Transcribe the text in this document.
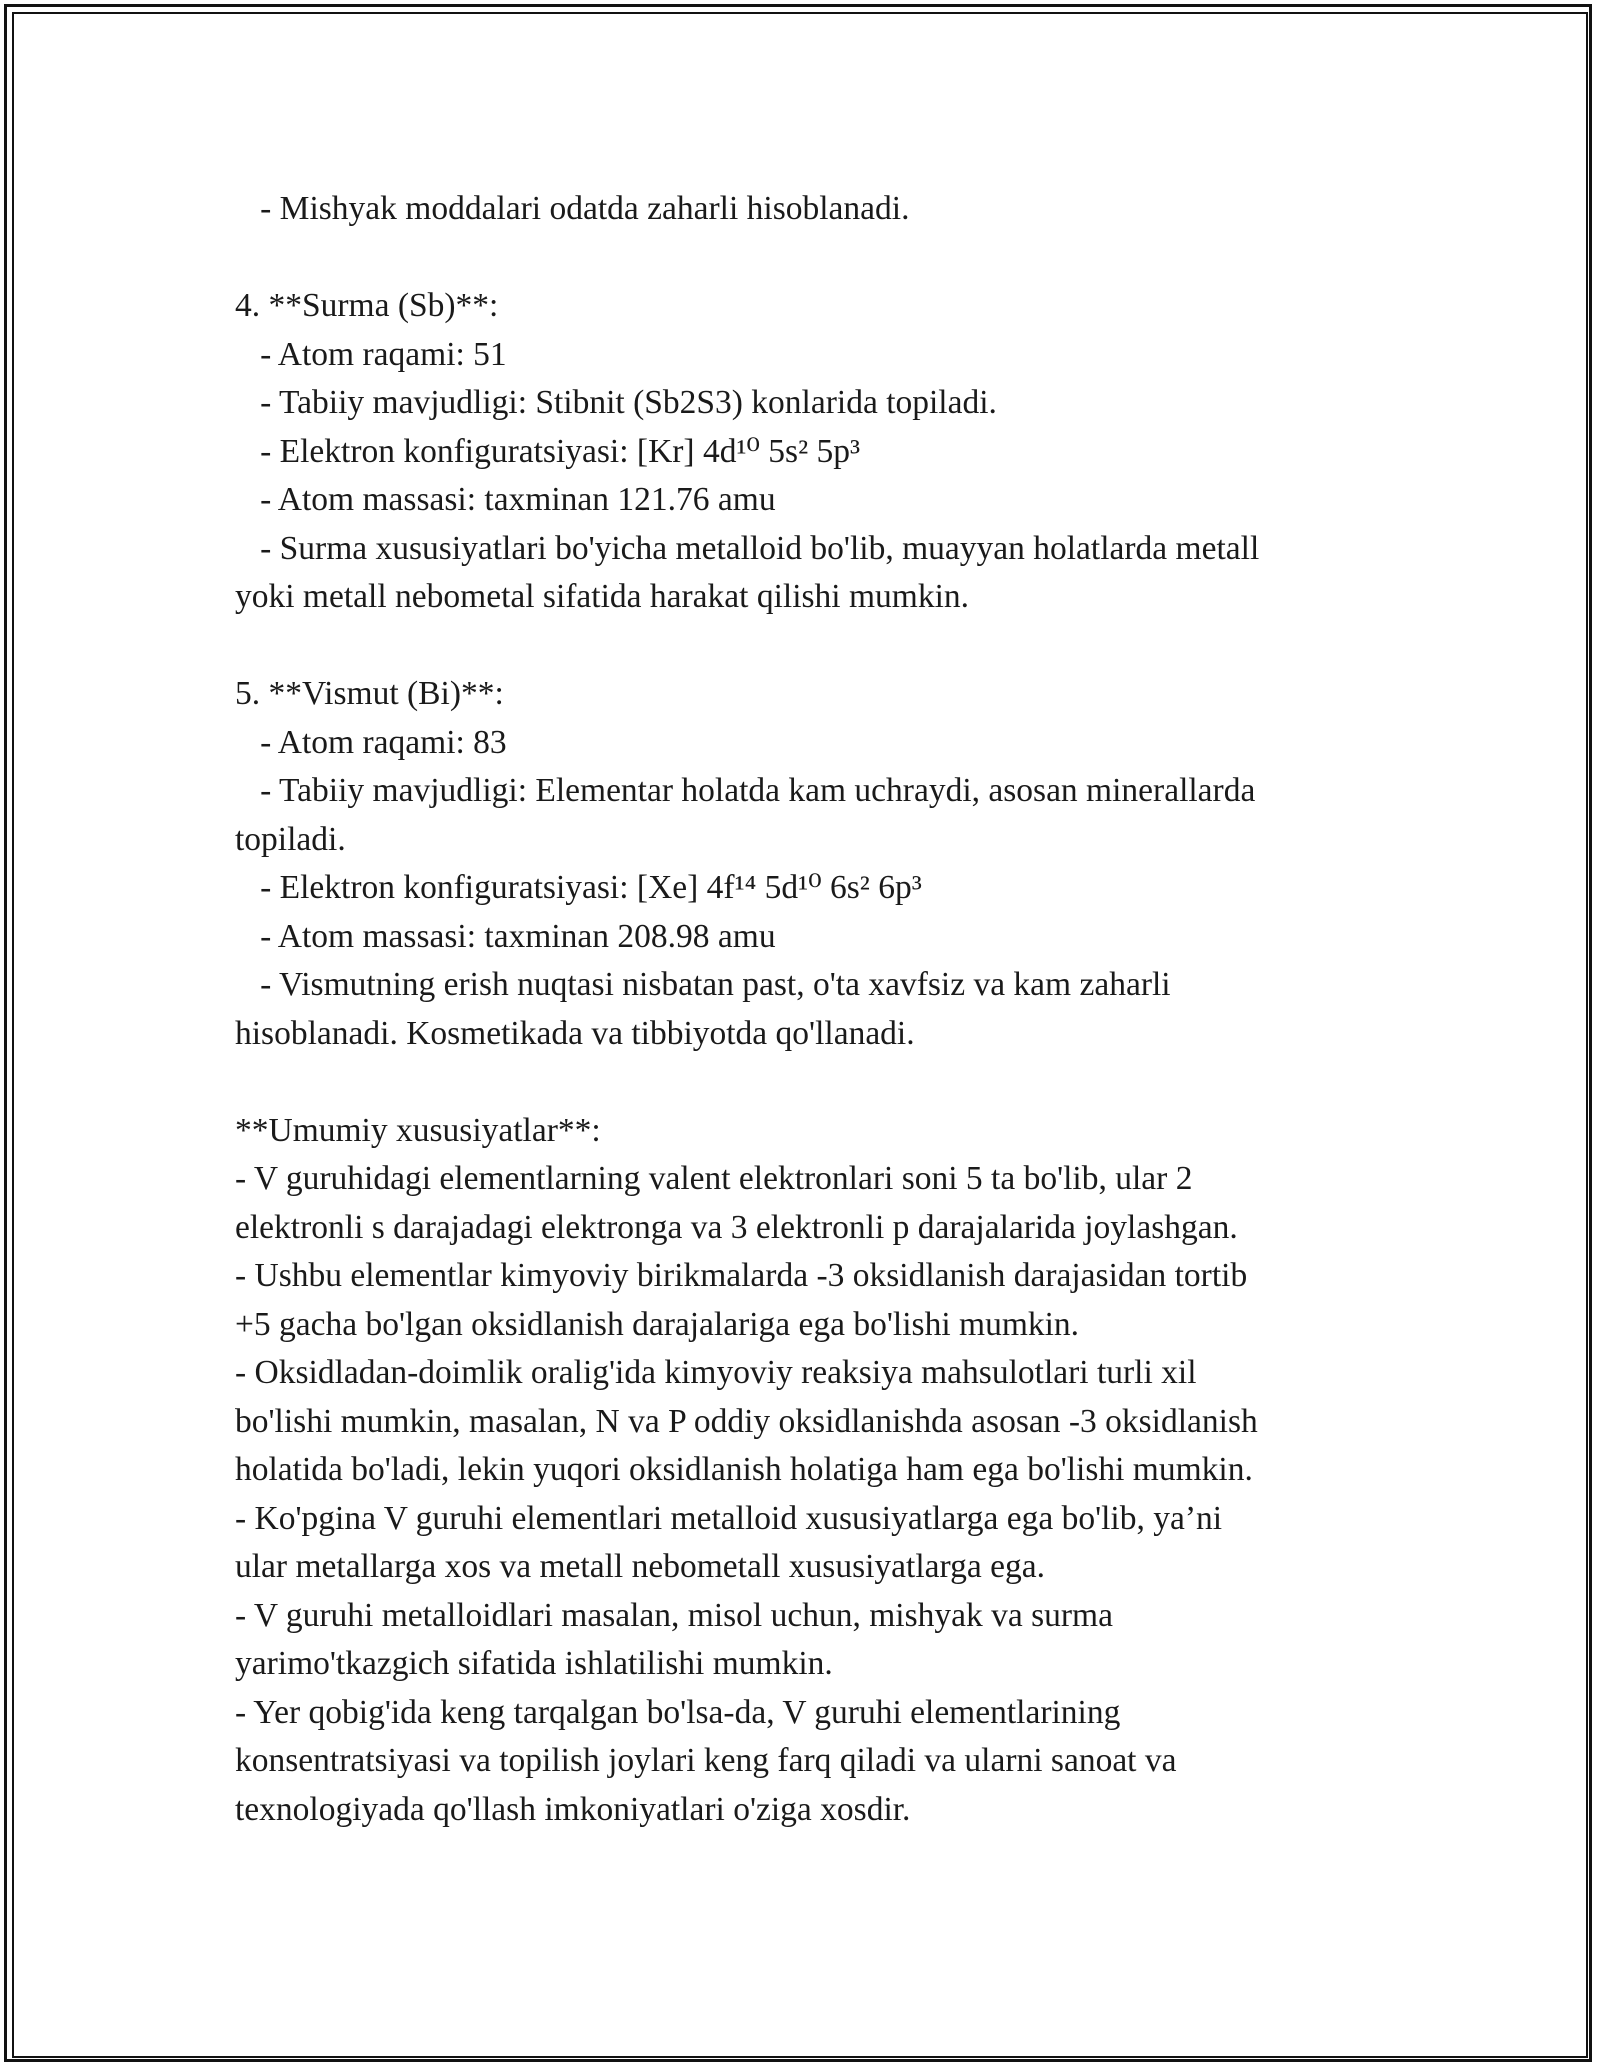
- Mishyak moddalari odatda zaharli hisoblanadi.
4. **Surma (Sb)**:
- Atom raqami: 51
- Tabiiy mavjudligi: Stibnit (Sb2S3) konlarida topiladi.
- Elektron konfiguratsiyasi: [Kr] 4d¹⁰ 5s² 5p³
- Atom massasi: taxminan 121.76 amu
- Surma xususiyatlari bo'yicha metalloid bo'lib, muayyan holatlarda metall
yoki metall nebometal sifatida harakat qilishi mumkin.
5. **Vismut (Bi)**:
- Atom raqami: 83
- Tabiiy mavjudligi: Elementar holatda kam uchraydi, asosan minerallarda
topiladi.
- Elektron konfiguratsiyasi: [Xe] 4f¹⁴ 5d¹⁰ 6s² 6p³
- Atom massasi: taxminan 208.98 amu
- Vismutning erish nuqtasi nisbatan past, o'ta xavfsiz va kam zaharli
hisoblanadi. Kosmetikada va tibbiyotda qo'llanadi.
**Umumiy xususiyatlar**:
- V guruhidagi elementlarning valent elektronlari soni 5 ta bo'lib, ular 2
elektronli s darajadagi elektronga va 3 elektronli p darajalarida joylashgan.
- Ushbu elementlar kimyoviy birikmalarda -3 oksidlanish darajasidan tortib
+5 gacha bo'lgan oksidlanish darajalariga ega bo'lishi mumkin.
- Oksidladan-doimlik oralig'ida kimyoviy reaksiya mahsulotlari turli xil
bo'lishi mumkin, masalan, N va P oddiy oksidlanishda asosan -3 oksidlanish
holatida bo'ladi, lekin yuqori oksidlanish holatiga ham ega bo'lishi mumkin.
- Ko'pgina V guruhi elementlari metalloid xususiyatlarga ega bo'lib, ya’ni
ular metallarga xos va metall nebometall xususiyatlarga ega.
- V guruhi metalloidlari masalan, misol uchun, mishyak va surma
yarimo'tkazgich sifatida ishlatilishi mumkin.
- Yer qobig'ida keng tarqalgan bo'lsa-da, V guruhi elementlarining
konsentratsiyasi va topilish joylari keng farq qiladi va ularni sanoat va
texnologiyada qo'llash imkoniyatlari o'ziga xosdir.
